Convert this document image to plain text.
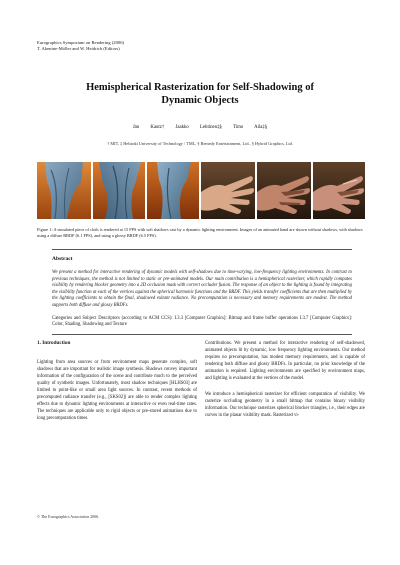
Eurographics Symposium on Rendering (2006)
T. Akenine-Möller and W. Heidrich (Editors)
Hemispherical Rasterization for Self-Shadowing of
Dynamic Objects
Jan Kautz† Jaakko Lehtinen‡§ Timo Aila‡§
† MIT, ‡ Helsinki University of Technology / TML, § Remedy Entertainment, Ltd., § Hybrid Graphics, Ltd.
Figure 1: A simulated piece of cloth is rendered at 15 FPS with soft shadows cast by a dynamic lighting environment. Images of an animated hand are shown without shadows, with shadows using a diffuse BRDF (6.1 FPS), and using a glossy BRDF (6.5 FPS).
Abstract
We present a method for interactive rendering of dynamic models with self-shadows due to time-varying, low-frequency lighting environments. In contrast to previous techniques, the method is not limited to static or pre-animated models. Our main contribution is a hemispherical rasterizer, which rapidly computes visibility by rendering blocker geometry into a 2D occlusion mask with correct occluder fusion. The response of an object to the lighting is found by integrating the visibility function at each of the vertices against the spherical harmonic functions and the BRDF. This yields transfer coefficients that are then multiplied by the lighting coefficients to obtain the final, shadowed exitant radiance. No precomputation is necessary and memory requirements are modest. The method supports both diffuse and glossy BRDFs.
Categories and Subject Descriptors (according to ACM CCS): I.3.3 [Computer Graphics]: Bitmap and frame buffer operations I.3.7 [Computer Graphics]: Color, Shading, Shadowing and Texture
1. Introduction

Lighting from area sources or from environment maps generate complex, soft shadows that are important for realistic image synthesis. Shadows convey important information of the configuration of the scene and contribute much to the perceived quality of synthetic images. Unfortunately, most shadow techniques [HLHS03] are limited to point-like or small area light sources. In contrast, recent methods of precomputed radiance transfer (e.g., [SKS02]) are able to render complex lighting effects due to dynamic lighting environments at interactive or even real-time rates. The techniques are applicable only to rigid objects or pre-stored animations due to long precomputation times.

Contributions. We present a method for interactive rendering of self-shadowed, animated objects lit by dynamic, low frequency lighting environments. Our method requires no precomputation, has modest memory requirements, and is capable of rendering both diffuse and glossy BRDFs. In particular, no prior knowledge of the animation is required. Lighting environments are specified by environment maps, and lighting is evaluated at the vertices of the model.

We introduce a hemispherical rasterizer for efficient computation of visibility. We rasterize occluding geometry in a small bitmap that contains binary visibility information. Our technique rasterizes spherical blocker triangles, i.e., their edges are curves in the planar visibility mask. Rasterized vi-

© The Eurographics Association 2006.
